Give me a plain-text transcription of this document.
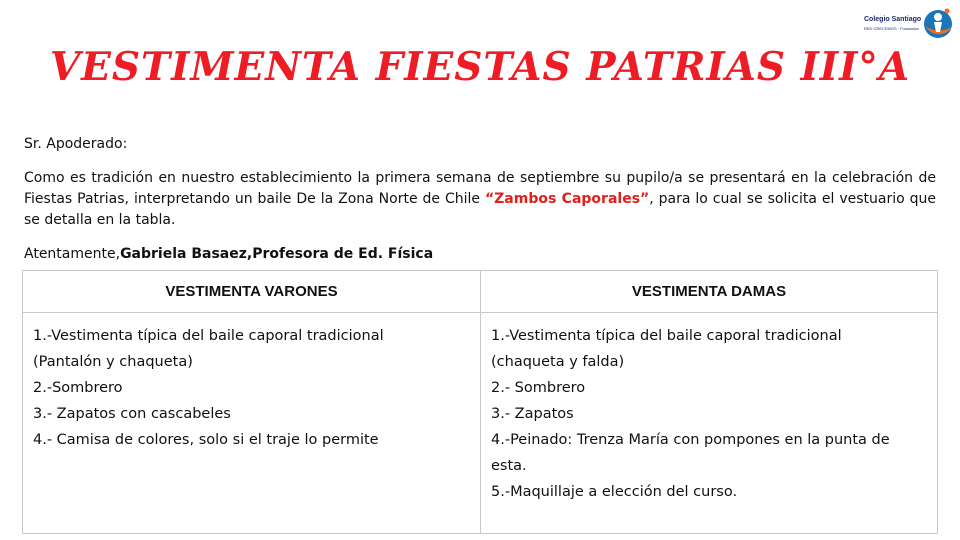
Colegio Santiago
RED CRECEMOS · Fundación
VESTIMENTA FIESTAS PATRIAS III°A
Sr. Apoderado:
Como es tradición en nuestro establecimiento la primera semana de septiembre su pupilo/a se presentará en la celebración de Fiestas Patrias, interpretando un baile De la Zona Norte de Chile “Zambos Caporales”, para lo cual se solicita el vestuario que se detalla en la tabla.
Atentamente,Gabriela Basaez,Profesora de Ed. Física
VESTIMENTA VARONES	VESTIMENTA DAMAS
1.-Vestimenta típica del baile caporal tradicional
(Pantalón y chaqueta)
2.-Sombrero
3.- Zapatos con cascabeles
4.- Camisa de colores, solo si el traje lo permite
1.-Vestimenta típica del baile caporal tradicional
(chaqueta y falda)
2.- Sombrero
3.- Zapatos
4.-Peinado: Trenza María con pompones en la punta de
esta.
5.-Maquillaje a elección del curso.
